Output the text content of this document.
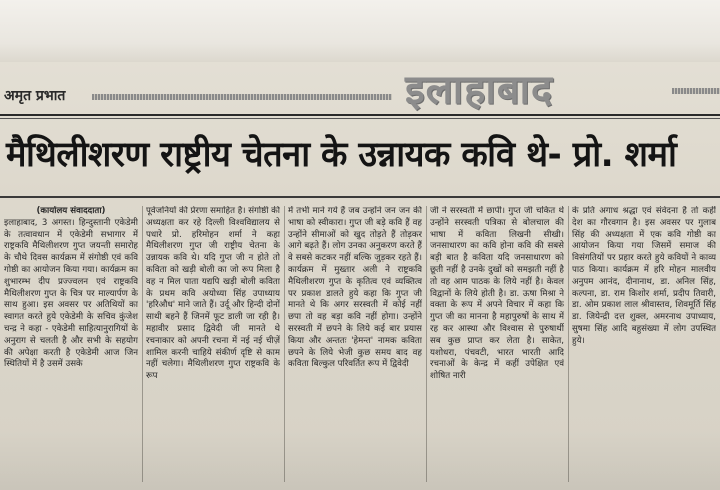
अमृत प्रभात	इलाहाबाद
मैथिलीशरण राष्ट्रीय चेतना के उन्नायक कवि थे- प्रो. शर्मा
(कार्यालय संवाददाता)

इलाहाबाद, 3 अगस्त। हिन्दुस्तानी एकेडेमी के तत्वावधान में एकेडेमी सभागार में राष्ट्रकवि मैथिलीशरण गुप्त जयन्ती समारोह के चौथे दिवस कार्यक्रम में संगोष्ठी एवं कवि गोष्ठी का आयोजन किया गया। कार्यक्रम का शुभारम्भ दीप प्रज्ज्वलन एवं राष्ट्रकवि मैथिलीशरण गुप्त के चित्र पर माल्यार्पण के साथ हुआ। इस अवसर पर अतिथियों का स्वागत करते हुये एकेडेमी के सचिव कुंजेश चन्द्र ने कहा - एकेडेमी साहित्यानुरागियों के अनुराग से चलती है और सभी के सहयोग की अपेक्षा करती है एकेडेमी आज जिन स्थितियों में है उसमें उसके

पूर्वजनियों की प्रेरणा समाहित है। संगोष्ठी की अध्यक्षता कर रहे दिल्ली विश्वविद्यालय से पधारे प्रो. हरिमोहन शर्मा ने कहा मैथिलीशरण गुप्त जी राष्ट्रीय चेतना के उन्नायक कवि थे। यदि गुप्त जी न होते तो कविता को खड़ी बोली का जो रूप मिला है वह न मिल पाता यद्यपि खड़ी बोली कविता के प्रथम कवि अयोध्या सिंह उपाध्याय 'हरिऔध' माने जाते हैं। उर्दू और हिन्दी दोनों साथी बहने हैं जिनमें फूट डाली जा रही है। महावीर प्रसाद द्विवेदी जी मानते थे रचनाकार को अपनी रचना में नई नई चीज़ें शामिल करनी चाहिये संकीर्ण दृष्टि से काम नहीं चलेगा। मैथिलीशरण गुप्त राष्ट्रकवि के रूप

में तभी माने गये हैं जब उन्होंने जन जन की भाषा को स्वीकारा। गुप्त जी बड़े कवि हैं वह उन्होंने सीमाओं को खुद तोड़ते हैं तोड़कर आगे बढ़ते हैं। लोग उनका अनुकरण करते हैं वे सबसे कटकर नहीं बल्कि जुड़कर रहते हैं। कार्यक्रम में मुख्तार अली ने राष्ट्रकवि मैथिलीशरण गुप्त के कृतित्व एवं व्यक्तित्व पर प्रकाश डालते हुये कहा कि गुप्त जी मानते थे कि अगर सरस्वती में कोई नहीं छपा तो वह बड़ा कवि नहीं होगा। उन्होंने सरस्वती में छपने के लिये कई बार प्रयास किया और अन्ततः 'हेमन्त' नामक कविता छपने के लिये भेजी कुछ समय बाद वह कविता बिल्कुल परिवर्तित रूप में द्विवेदी

जी ने सरस्वती में छापी। गुप्त जी चकित थे उन्होंने सरस्वती पत्रिका से बोलचाल की भाषा में कविता लिखनी सीखी। जनसाधारण का कवि होना कवि की सबसे बड़ी बात है कविता यदि जनसाधारण को छूती नहीं है उनके दुखों को समझती नहीं है तो वह आम पाठक के लिये नहीं है। केवल विद्वानों के लिये होती है। डा. ऊषा मिश्रा ने वक्ता के रूप में अपने विचार में कहा कि गुप्त जी का मानना है महापुरुषों के साथ में रह कर आस्था और विश्वास से पुरुषार्थी सब कुछ प्राप्त कर लेता है। साकेत, यशोधरा, पंचवटी, भारत भारती आदि रचनाओं के केन्द्र में कहीं उपेक्षित एवं शोषित नारी

के प्रति अगाध श्रद्धा एवं संवेदना है तो कहीं देश का गौरवगान है। इस अवसर पर गुलाब सिंह की अध्यक्षता में एक कवि गोष्ठी का आयोजन किया गया जिसमें समाज की विसंगतियों पर प्रहार करते हुये कवियों ने काव्य पाठ किया। कार्यक्रम में हरि मोहन मालवीय अनुपम आनंद, दीनानाथ, डा. अनिल सिंह, कल्पना, डा. राम किशोर शर्मा, प्रदीप तिवारी, डा. ओम प्रकाश लाल श्रीवास्तव, शिवमूर्ति सिंह डा. जियेन्द्री दत्त शुक्ल, अमरनाथ उपाध्याय, सुषमा सिंह आदि बहुसंख्या में लोग उपस्थित हुये।
